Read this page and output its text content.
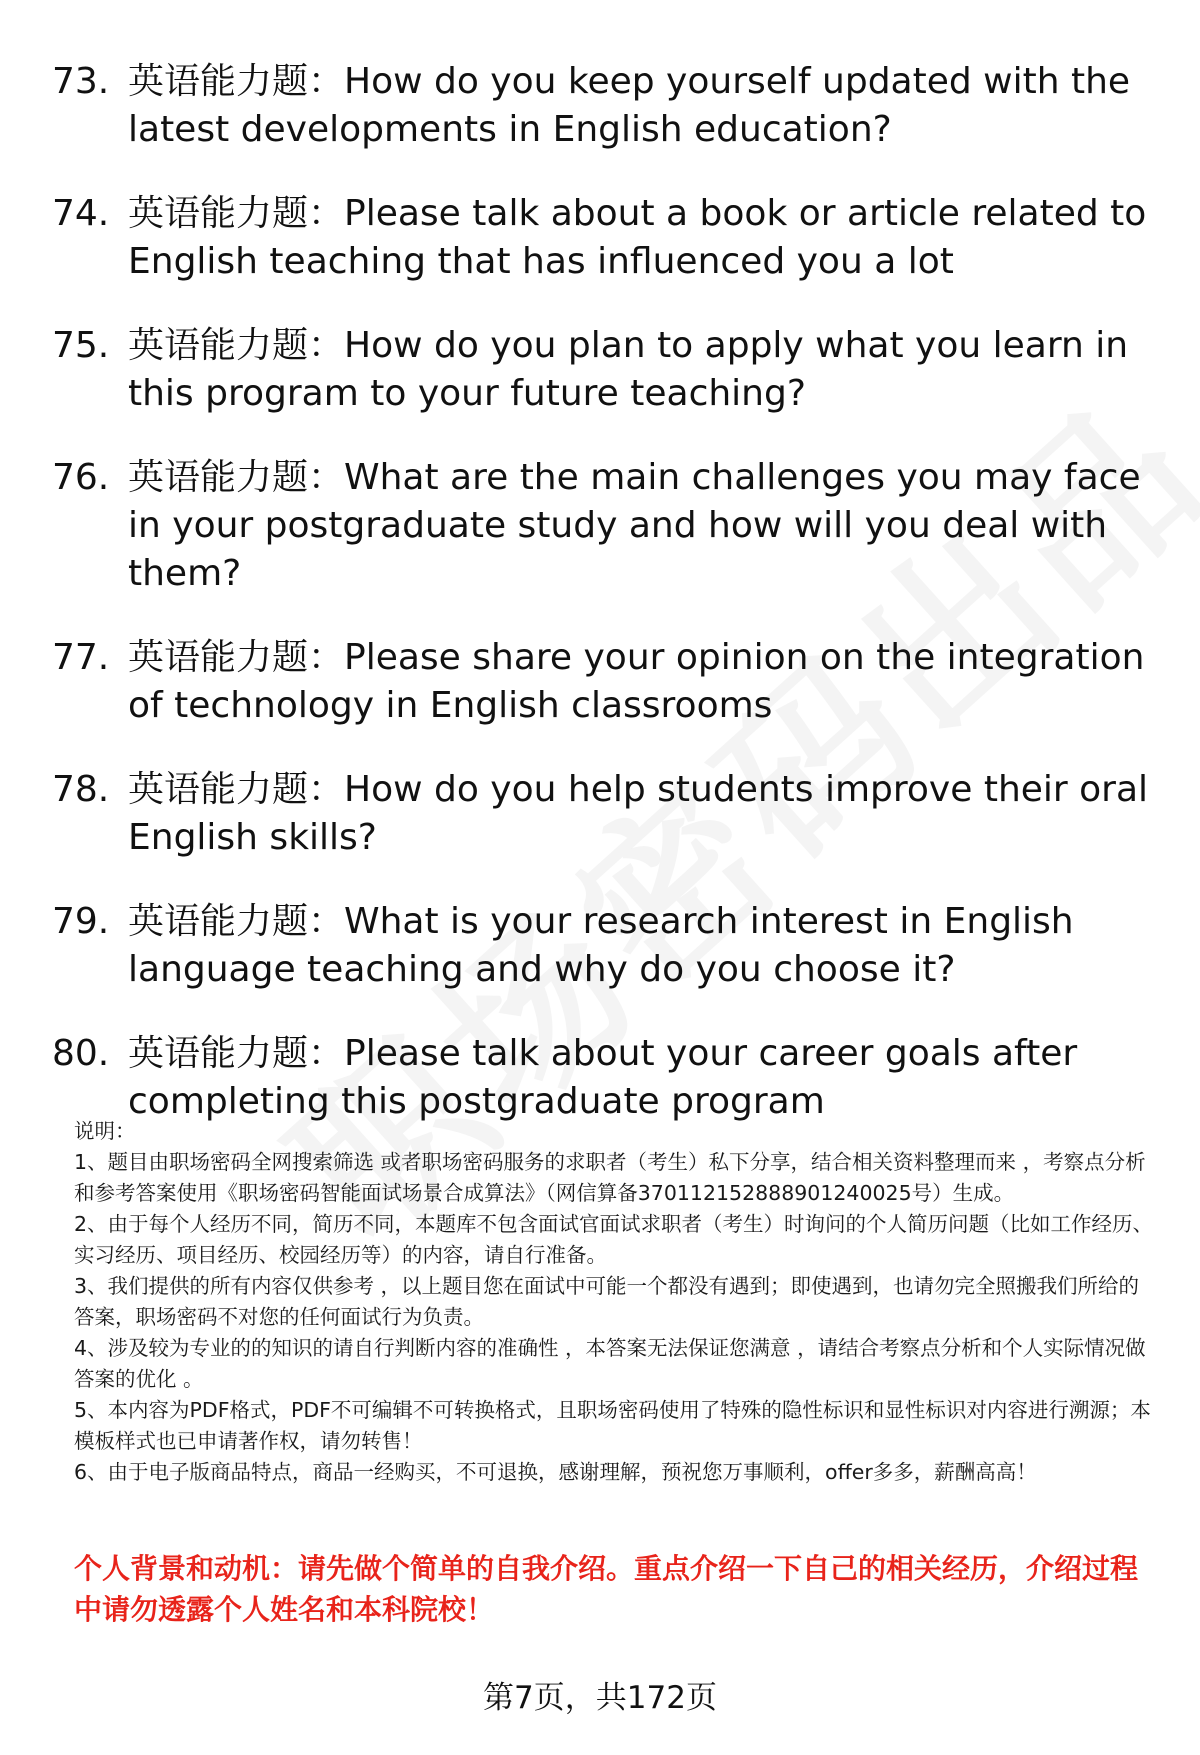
73. 英语能力题：How do you keep yourself updated with the latest developments in English education?
74. 英语能力题：Please talk about a book or article related to English teaching that has influenced you a lot
75. 英语能力题：How do you plan to apply what you learn in this program to your future teaching?
76. 英语能力题：What are the main challenges you may face in your postgraduate study and how will you deal with them?
77. 英语能力题：Please share your opinion on the integration of technology in English classrooms
78. 英语能力题：How do you help students improve their oral English skills?
79. 英语能力题：What is your research interest in English language teaching and why do you choose it?
80. 英语能力题：Please talk about your career goals after completing this postgraduate program

说明：

1、题目由职场密码全网搜索筛选 或者职场密码服务的求职者（考生）私下分享，结合相关资料整理而来 ，考察点分析和参考答案使用《职场密码智能面试场景合成算法》（网信算备370112152888901240025号）生成。

2、由于每个人经历不同，简历不同，本题库不包含面试官面试求职者（考生）时询问的个人简历问题（比如工作经历、实习经历、项目经历、校园经历等）的内容，请自行准备。

3、我们提供的所有内容仅供参考 ，以上题目您在面试中可能一个都没有遇到；即使遇到，也请勿完全照搬我们所给的答案，职场密码不对您的任何面试行为负责。

4、涉及较为专业的的知识的请自行判断内容的准确性 ，本答案无法保证您满意 ，请结合考察点分析和个人实际情况做答案的优化 。

5、本内容为PDF格式，PDF不可编辑不可转换格式，且职场密码使用了特殊的隐性标识和显性标识对内容进行溯源；本模板样式也已申请著作权，请勿转售！

6、由于电子版商品特点，商品一经购买，不可退换，感谢理解，预祝您万事顺利，offer多多，薪酬高高！

个人背景和动机：请先做个简单的自我介绍。重点介绍一下自己的相关经历，介绍过程中请勿透露个人姓名和本科院校！
第7页，共172页
